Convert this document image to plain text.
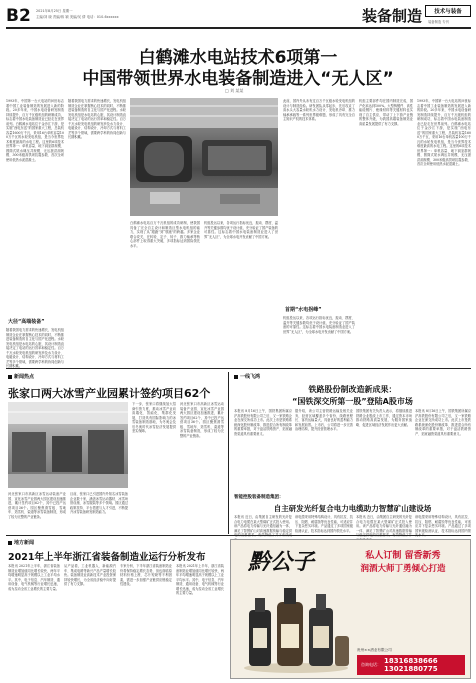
B2 2021年8月25日 星期一
主编/刘 晓 责编/蒋 颖 美编/吴 倩 电话：010-6xxxxxx	装备制造 技术与装备
装备制造 专刊
白鹤滩水电站技术6项第一
中国带领世界水电装备制造进入“无人区”
□ 刘 某某
1993年，中国第一台大电站的问世标志着中国工业装备制造的发展进入新的阶段。20多年来，中国水电设备研发制造持续提升，百万千瓦级机组的研制成功，标志着中国水电装备制造业已经走在世界前列。白鹤滩水电站位于金沙江下游，是实施“西电东送”的国家重大工程，总装机容量1600万千瓦，采用16台单机容量100万千瓦的水轮发电机组，是当今世界技术难度最高的水电工程。这里的6项技术世界第一：单机容量、地下洞室群规模、圆筒式尾水调压井规模、无压泄洪洞规模、300米级高拱坝抗震参数、首次全坝使用低热水泥混凝土。
大径“高端装备”
随着我国电力需求的快速增长，发电机组制造企业在掌握核心技术的同时，不断推进装备制造的自主化与国产化进程。水轮发电机组是水电站的心脏，其设计制造直接决定了电站的运行效率和稳定性。百万千瓦水轮发电机组的研发涉及水力设计、电磁设计、结构设计、冷却方式与材料工艺等多个领域，需要跨学科的协同创新与长期积累。
随着我国电力需求的快速增长，发电机组制造企业在掌握核心技术的同时，不断推进装备制造的自主化与国产化进程。水轮发电机组是水电站的心脏，其设计制造直接决定了电站的运行效率和稳定性。百万千瓦水轮发电机组的研发涉及水力设计、电磁设计、结构设计、冷却方式与材料工艺等多个领域，需要跨学科的协同创新与长期积累。
白鹤滩水电站百万千瓦机组的成功研制，使我国具备了完全自主设计和制造巨型水电机组的能力，实现了从“跟跑”到“领跑”的跨越。多家企业联合攻关，在转轮、定子、转子、推力轴承等核心部件上取得重大突破，多项指标达到国际领先水平。
机组投运以来，各项运行指标优良，振动、摆度、温升等关键参数均优于设计值，充分验证了国产装备的可靠性。这标志着中国水电装备制造业进入了世界“无人区”，为全球水电开发贡献了中国方案。
此前，国内外从未有过百万千瓦级水轮发电机组的设计与制造经验。研发团队从零起步，先后攻克了高水头大容量水轮机水力设计、发电机冷却、推力轴承承载等一系列世界级难题，形成了具有完全自主知识产权的技术体系。
首期“水电拐峰”
机组投运以来，各项运行指标优良，振动、摆度、温升等关键参数均优于设计值，充分验证了国产装备的可靠性。这标志着中国水电装备制造业进入了世界“无人区”，为全球水电开发贡献了中国方案。
机组主要部件均在国内制造完成，国产化率达到100%。大型铸锻件、高性能硅钢片、绝缘材料等关键材料也实现了自主供应，带动了上下游产业链的整体升级，为我国高端装备制造业高质量发展提供了有力支撑。
1993年，中国第一台大电站的问世标志着中国工业装备制造的发展进入新的阶段。20多年来，中国水电设备研发制造持续提升，百万千瓦级机组的研制成功，标志着中国水电装备制造业已经走在世界前列。白鹤滩水电站位于金沙江下游，是实施“西电东送”的国家重大工程，总装机容量1600万千瓦，采用16台单机容量100万千瓦的水轮发电机组，是当今世界技术难度最高的水电工程。这里的6项技术世界第一：单机容量、地下洞室群规模、圆筒式尾水调压井规模、无压泄洪洞规模、300米级高拱坝抗震参数、首次全坝使用低热水泥混凝土。
新闻热点
张家口两大冰雪产业园累计签约项目62个
河北张家口市高新区冰雪运动装备产业园、宣化冰雪产业园两大园区建设加速推进，累计签约项目62个，其中已投产运营项目36个。园区聚焦滑雪板、雪地车、造雪机、索道等冰雪装备制造，形成了较为完整的产业链条。
目前，张家口已引进国内外知名冰雪装备企业数十家，涵盖冰雪运动器材、冰雪场馆设施、冰雪服装等多个领域。园区通过政策扶持、平台搭建与人才引进，不断提升冰雪装备研发制造能力。
下一步，张家口将继续加大招商引资力度，推动冰雪产业向高端化、智能化、集群化发展，打造具有国际影响力的冰雪装备制造基地，为冬奥会及后冬奥时代冰雪经济发展提供坚实保障。
河北张家口市高新区冰雪运动装备产业园、宣化冰雪产业园两大园区建设加速推进，累计签约项目62个，其中已投产运营项目36个。园区聚焦滑雪板、雪地车、造雪机、索道等冰雪装备制造，形成了较为完整的产业链条。
一线飞鸿
铁路股份制改造新成果：
“国铁深交所第一股”登陆A股市场
本报讯 8月16日上午，国铁集团所属京沪高铁股份有限公司之后，又一家铁路企业在深交所成功上市。此次上市是铁路系统深化股份制改革、推进混合所有制改革的重要举措，对于盘活铁路资产、拓宽融资渠道具有重要意义。
据介绍，该公司主营铁路运输及相关业务，经营区域覆盖多个省份，线路里程长、客货运输量大，具备良好的盈利能力和发展前景。上市后，公司将进一步完善治理结构，提升经营管理水平。
国铁集团有关负责人表示，将继续推进铁路企业股改上市工作，通过资本市场推动铁路高质量发展，为服务国家战略、促进区域经济发展作出更大贡献。
本报讯 8月16日上午，国铁集团所属京沪高铁股份有限公司之后，又一家铁路企业在深交所成功上市。此次上市是铁路系统深化股份制改革、推进混合所有制改革的重要举措，对于盘活铁路资产、拓宽融资渠道具有重要意义。
智能控股装备制造集团：
自主研发光纤复合电力电缆助力智慧矿山建设场
本报讯 近日，由集团自主研发的光纤复合电力电缆在某大型煤矿正式投入使用。该产品将电力传输与光纤通信融为一体，满足了智慧矿山对高速数据传输与稳定供
该电缆采用特殊结构设计，具有抗拉、抗压、阻燃、耐腐蚀等优良性能，可适应井下复杂恶劣环境。产品通过了多项国家级检测认证，技术指标达到国内领先水平。
本报讯 近日，由集团自主研发的光纤复合电力电缆在某大型煤矿正式投入使用。该产品将电力传输与光纤通信融为一体，满足了智慧矿山对高速数据传输
该电缆采用特殊结构设计，具有抗拉、抗压、阻燃、耐腐蚀等优良性能，可适应井下复杂恶劣环境。产品通过了多项国家级检测认证，技术指标达到国内领
地方新闻
2021年上半年浙江省装备制造业运行分析发布
本报讯 2021年上半年，浙江省装备制造业增加值同比增长较快，两年平均增速明显高于规模以上工业平均水平。其中，电子信息、汽车制造、通用设备、电气机械等行业增长迅速，成为拉动全省工业增长的主要力量。
从产品看，工业机器人、新能源汽车、集成电路等新兴产品产量增长较快。装备制造业高新技术产业投资保持较快增长，为全省经济稳中向好提供了有力支撑。
专家分析，下半年浙江省装备制造业仍将保持稳定增长态势，但也面临原材料价格上涨、芯片短缺等不利因素，需进一步加强产业链供应链稳定性建设。
本报讯 2021年上半年，浙江省装备制造业增加值同比增长较快，两年平均增速明显高于规模以上工业平均水平。其中，电子信息、汽车制造、通用设备、电气机械等行业增长迅速，成为拉动全省工业增长的主要力量。
黔公子	私人订制 留香新秀
润酒大师丁勇倾心打造
贵州××酒业有限公司
咨询电话： 18316838666
13021880775
